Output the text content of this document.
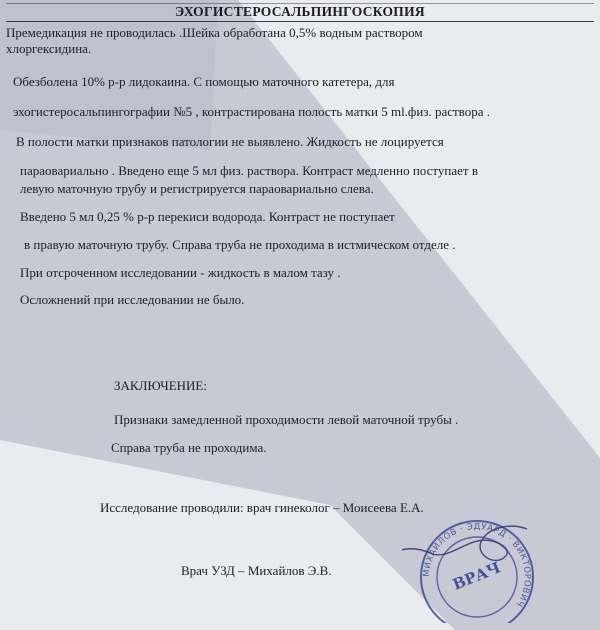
ЭХОГИСТЕРОСАЛЬПИНГОСКОПИЯ
Премедикация не проводилась .Шейка обработана 0,5% водным раствором
хлоргексидина.
Обезболена 10% р-р лидокаина. С помощью маточного катетера, для
эхогистеросальпингографии №5 , контрастирована полость матки 5 ml.физ. раствора .
В полости матки признаков патологии не выявлено. Жидкость не лоцируется
параовариально . Введено еще 5 мл физ. раствора. Контраст медленно поступает в
левую маточную трубу и регистрируется параовариально слева.
Введено 5 мл 0,25 % р-р перекиси водорода. Контраст не поступает
в правую маточную трубу. Справа труба не проходима в истмическом отделе .
При отсроченном исследовании - жидкость в малом тазу .
Осложнений при исследовании не было.
ЗАКЛЮЧЕНИЕ:
Признаки замедленной проходимости левой маточной трубы .
Справа труба не проходима.
Исследование проводили: врач гинеколог – Моисеева Е.А.
Врач УЗД – Михайлов Э.В.	МИХАЙЛОВ · ЭДУАРД · ВИКТОРОВИЧ
ВРАЧ
